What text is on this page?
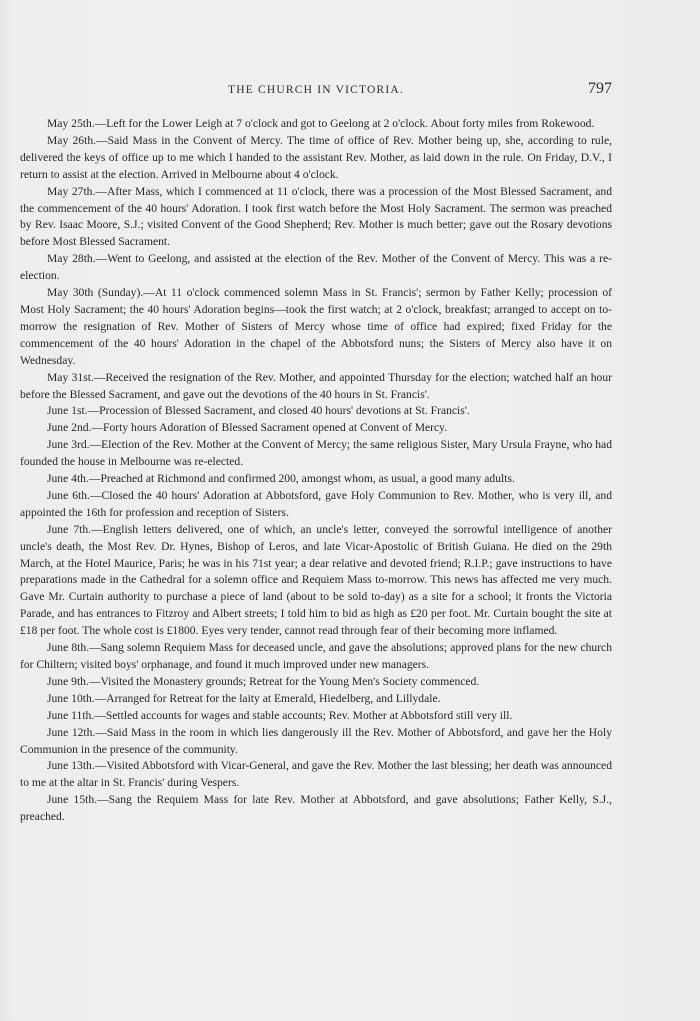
THE CHURCH IN VICTORIA.	797

May 25th.—Left for the Lower Leigh at 7 o'clock and got to Geelong at 2 o'clock. About forty miles from Rokewood.

May 26th.—Said Mass in the Convent of Mercy. The time of office of Rev. Mother being up, she, according to rule, delivered the keys of office up to me which I handed to the assistant Rev. Mother, as laid down in the rule. On Friday, D.V., I return to assist at the election. Arrived in Melbourne about 4 o'clock.

May 27th.—After Mass, which I commenced at 11 o'clock, there was a procession of the Most Blessed Sacrament, and the commencement of the 40 hours' Adoration. I took first watch before the Most Holy Sacrament. The sermon was preached by Rev. Isaac Moore, S.J.; visited Convent of the Good Shepherd; Rev. Mother is much better; gave out the Rosary devotions before Most Blessed Sacrament.

May 28th.—Went to Geelong, and assisted at the election of the Rev. Mother of the Convent of Mercy. This was a re-election.

May 30th (Sunday).—At 11 o'clock commenced solemn Mass in St. Francis'; sermon by Father Kelly; procession of Most Holy Sacrament; the 40 hours' Adoration begins—took the first watch; at 2 o'clock, breakfast; arranged to accept on to-morrow the resignation of Rev. Mother of Sisters of Mercy whose time of office had expired; fixed Friday for the commencement of the 40 hours' Adoration in the chapel of the Abbotsford nuns; the Sisters of Mercy also have it on Wednesday.

May 31st.—Received the resignation of the Rev. Mother, and appointed Thursday for the election; watched half an hour before the Blessed Sacrament, and gave out the devotions of the 40 hours in St. Francis'.

June 1st.—Procession of Blessed Sacrament, and closed 40 hours' devotions at St. Francis'.

June 2nd.—Forty hours Adoration of Blessed Sacrament opened at Convent of Mercy.

June 3rd.—Election of the Rev. Mother at the Convent of Mercy; the same religious Sister, Mary Ursula Frayne, who had founded the house in Melbourne was re-elected.

June 4th.—Preached at Richmond and confirmed 200, amongst whom, as usual, a good many adults.

June 6th.—Closed the 40 hours' Adoration at Abbotsford, gave Holy Communion to Rev. Mother, who is very ill, and appointed the 16th for profession and reception of Sisters.

June 7th.—English letters delivered, one of which, an uncle's letter, conveyed the sorrowful intelligence of another uncle's death, the Most Rev. Dr. Hynes, Bishop of Leros, and late Vicar-Apostolic of British Guiana. He died on the 29th March, at the Hotel Maurice, Paris; he was in his 71st year; a dear relative and devoted friend; R.I.P.; gave instructions to have preparations made in the Cathedral for a solemn office and Requiem Mass to-morrow. This news has affected me very much. Gave Mr. Curtain authority to purchase a piece of land (about to be sold to-day) as a site for a school; it fronts the Victoria Parade, and has entrances to Fitzroy and Albert streets; I told him to bid as high as £20 per foot. Mr. Curtain bought the site at £18 per foot. The whole cost is £1800. Eyes very tender, cannot read through fear of their becoming more inflamed.

June 8th.—Sang solemn Requiem Mass for deceased uncle, and gave the absolutions; approved plans for the new church for Chiltern; visited boys' orphanage, and found it much improved under new managers.

June 9th.—Visited the Monastery grounds; Retreat for the Young Men's Society commenced.

June 10th.—Arranged for Retreat for the laity at Emerald, Hiedelberg, and Lillydale.

June 11th.—Settled accounts for wages and stable accounts; Rev. Mother at Abbotsford still very ill.

June 12th.—Said Mass in the room in which lies dangerously ill the Rev. Mother of Abbotsford, and gave her the Holy Communion in the presence of the community.

June 13th.—Visited Abbotsford with Vicar-General, and gave the Rev. Mother the last blessing; her death was announced to me at the altar in St. Francis' during Vespers.

June 15th.—Sang the Requiem Mass for late Rev. Mother at Abbotsford, and gave absolutions; Father Kelly, S.J., preached.
